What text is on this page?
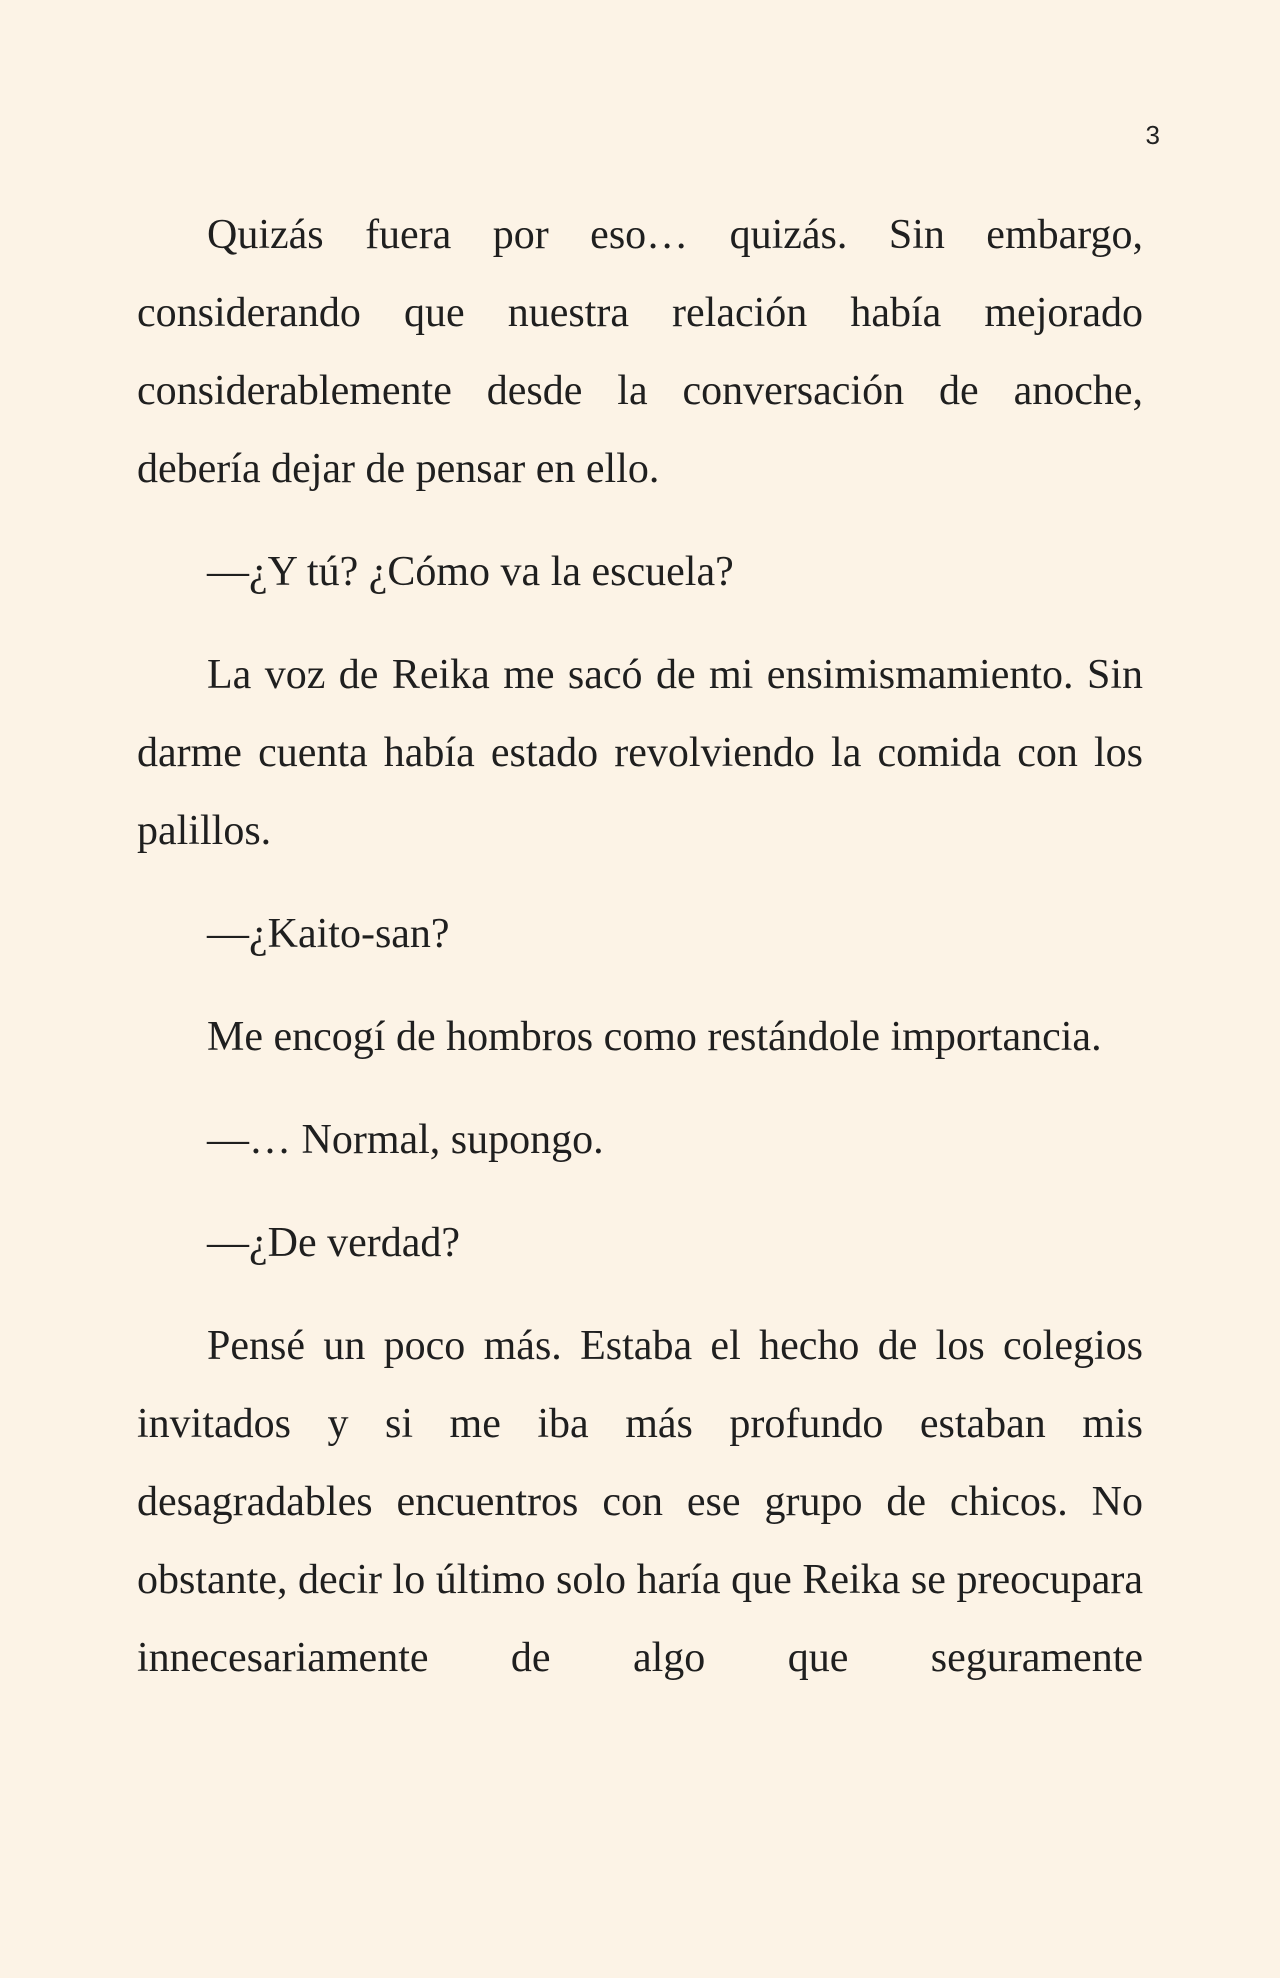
3

Quizás fuera por eso… quizás. Sin embargo, considerando que nuestra relación había mejorado considerablemente desde la conversación de anoche, debería dejar de pensar en ello.

—¿Y tú? ¿Cómo va la escuela?

La voz de Reika me sacó de mi ensimismamiento. Sin darme cuenta había estado revolviendo la comida con los palillos.

—¿Kaito-san?

Me encogí de hombros como restándole importancia.

—… Normal, supongo.

—¿De verdad?

Pensé un poco más. Estaba el hecho de los colegios invitados y si me iba más profundo estaban mis desagradables encuentros con ese grupo de chicos. No obstante, decir lo último solo haría que Reika se preocupara innecesariamente de algo que seguramente
